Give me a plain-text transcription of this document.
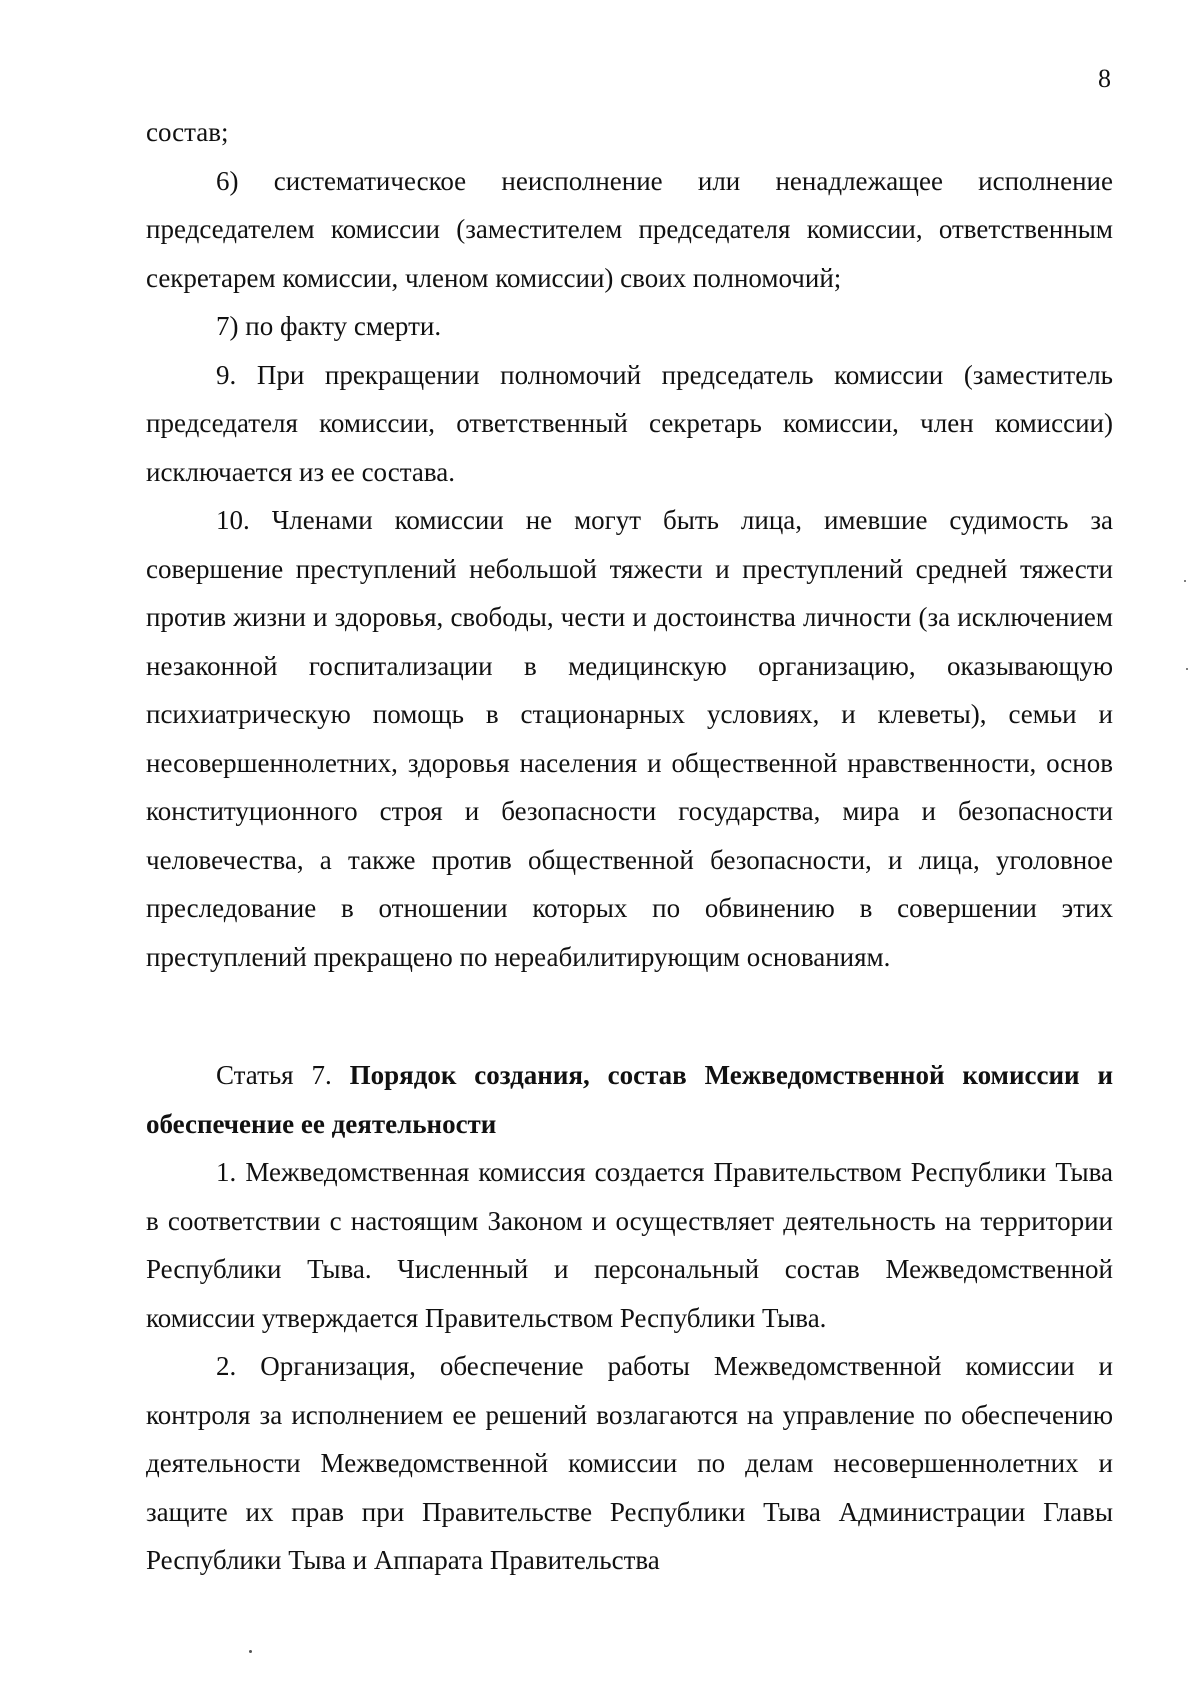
8

состав;

6) систематическое неисполнение или ненадлежащее исполнение председателем комиссии (заместителем председателя комиссии, ответственным секретарем комиссии, членом комиссии) своих полномочий;

7) по факту смерти.

9. При прекращении полномочий председатель комиссии (заместитель председателя комиссии, ответственный секретарь комиссии, член комиссии) исключается из ее состава.

10. Членами комиссии не могут быть лица, имевшие судимость за совершение преступлений небольшой тяжести и преступлений средней тяжести против жизни и здоровья, свободы, чести и достоинства личности (за исключением незаконной госпитализации в медицинскую организацию, оказывающую психиатрическую помощь в стационарных условиях, и клеветы), семьи и несовершеннолетних, здоровья населения и общественной нравственности, основ конституционного строя и безопасности государства, мира и безопасности человечества, а также против общественной безопасности, и лица, уголовное преследование в отношении которых по обвинению в совершении этих преступлений прекращено по нереабилитирующим основаниям.

Статья 7. Порядок создания, состав Межведомственной комиссии и обеспечение ее деятельности

1. Межведомственная комиссия создается Правительством Республики Тыва в соответствии с настоящим Законом и осуществляет деятельность на территории Республики Тыва. Численный и персональный состав Межведомственной комиссии утверждается Правительством Республики Тыва.

2. Организация, обеспечение работы Межведомственной комиссии и контроля за исполнением ее решений возлагаются на управление по обеспечению деятельности Межведомственной комиссии по делам несовершеннолетних и защите их прав при Правительстве Республики Тыва Администрации Главы Республики Тыва и Аппарата Правительства
